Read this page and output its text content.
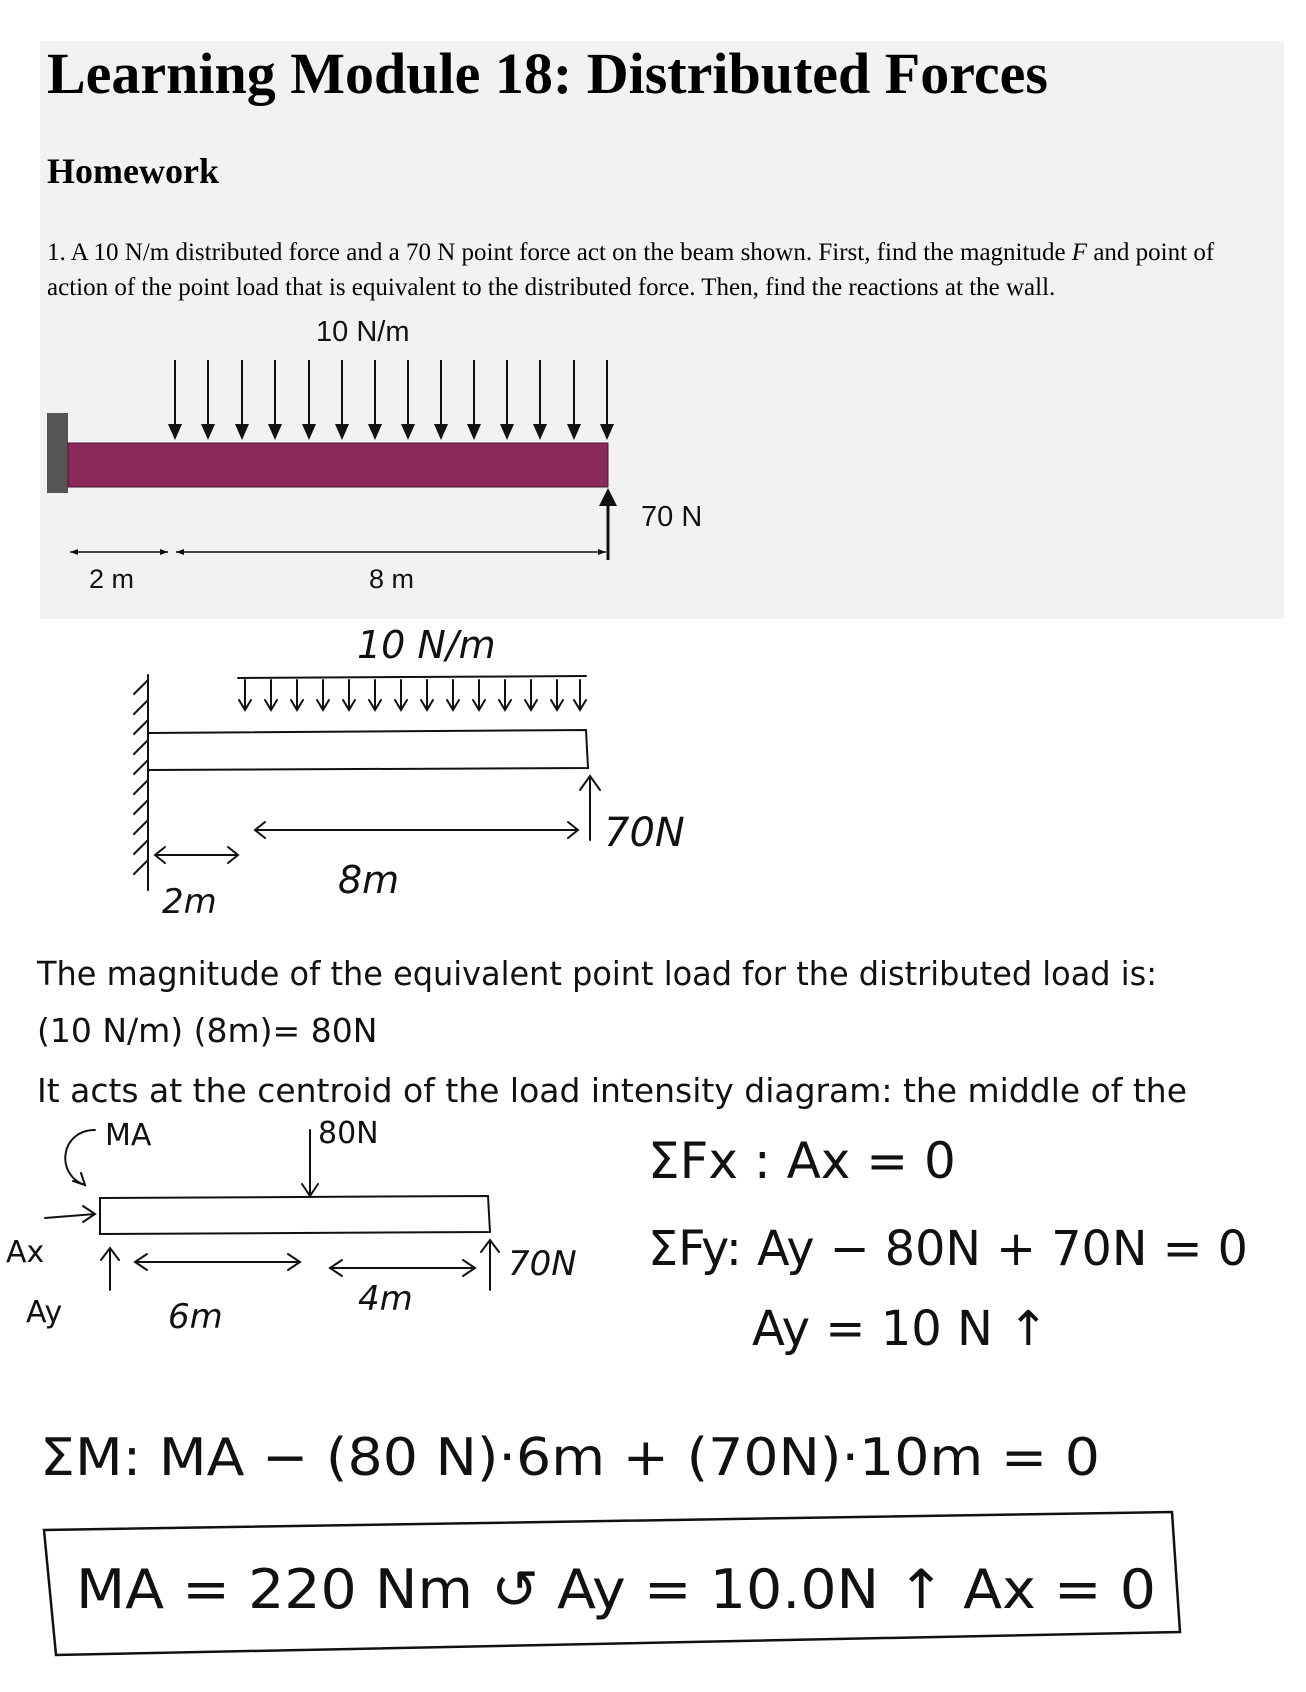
Learning Module 18: Distributed Forces
Homework

1. A 10 N/m distributed force and a 70 N point force act on the beam shown. First, find the magnitude F and point of action of the point load that is equivalent to the distributed force. Then, find the reactions at the wall.

10 N/m
70 N
2 m	8 m
10 N/m
70N
2m	8m
The magnitude of the equivalent point load for the distributed load is:
(10 N/m) (8m)= 80N
It acts at the centroid of the load intensity diagram: the middle of the
MA	80N
Ax
Ay
70N
6m	4m
ΣFx : Ax = 0
ΣFy: Ay − 80N + 70N = 0
Ay = 10 N ↑
ΣM: MA − (80 N)·6m + (70N)·10m = 0
MA = 220 Nm ↺ Ay = 10.0N ↑ Ax = 0
